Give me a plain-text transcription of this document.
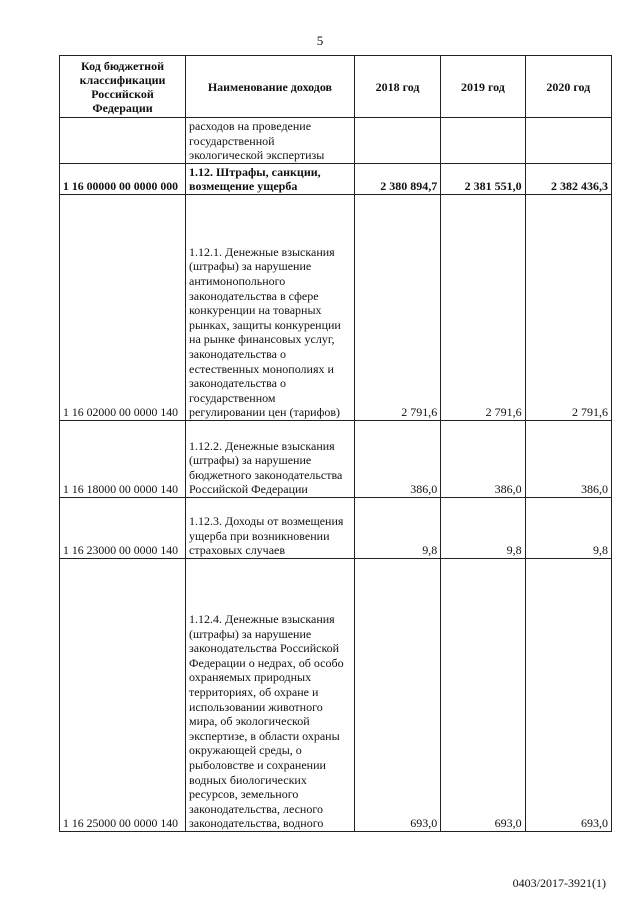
5
Код бюджетной классификации Российской Федерации	Наименование доходов	2018 год	2019 год	2020 год
	расходов на проведение государственной экологической экспертизы			
1 16 00000 00 0000 000	1.12. Штрафы, санкции, возмещение ущерба	2 380 894,7	2 381 551,0	2 382 436,3
1 16 02000 00 0000 140	1.12.1. Денежные взыскания (штрафы) за нарушение антимонопольного законодательства в сфере конкуренции на товарных рынках, защиты конкуренции на рынке финансовых услуг, законодательства о естественных монополиях и законодательства о государственном регулировании цен (тарифов)	2 791,6	2 791,6	2 791,6
1 16 18000 00 0000 140	1.12.2. Денежные взыскания (штрафы) за нарушение бюджетного законодательства Российской Федерации	386,0	386,0	386,0
1 16 23000 00 0000 140	1.12.3. Доходы от возмещения ущерба при возникновении страховых случаев	9,8	9,8	9,8
1 16 25000 00 0000 140	1.12.4. Денежные взыскания (штрафы) за нарушение законодательства Российской Федерации о недрах, об особо охраняемых природных территориях, об охране и использовании животного мира, об экологической экспертизе, в области охраны окружающей среды, о рыболовстве и сохранении водных биологических ресурсов, земельного законодательства, лесного законодательства, водного	693,0	693,0	693,0
0403/2017-3921(1)
